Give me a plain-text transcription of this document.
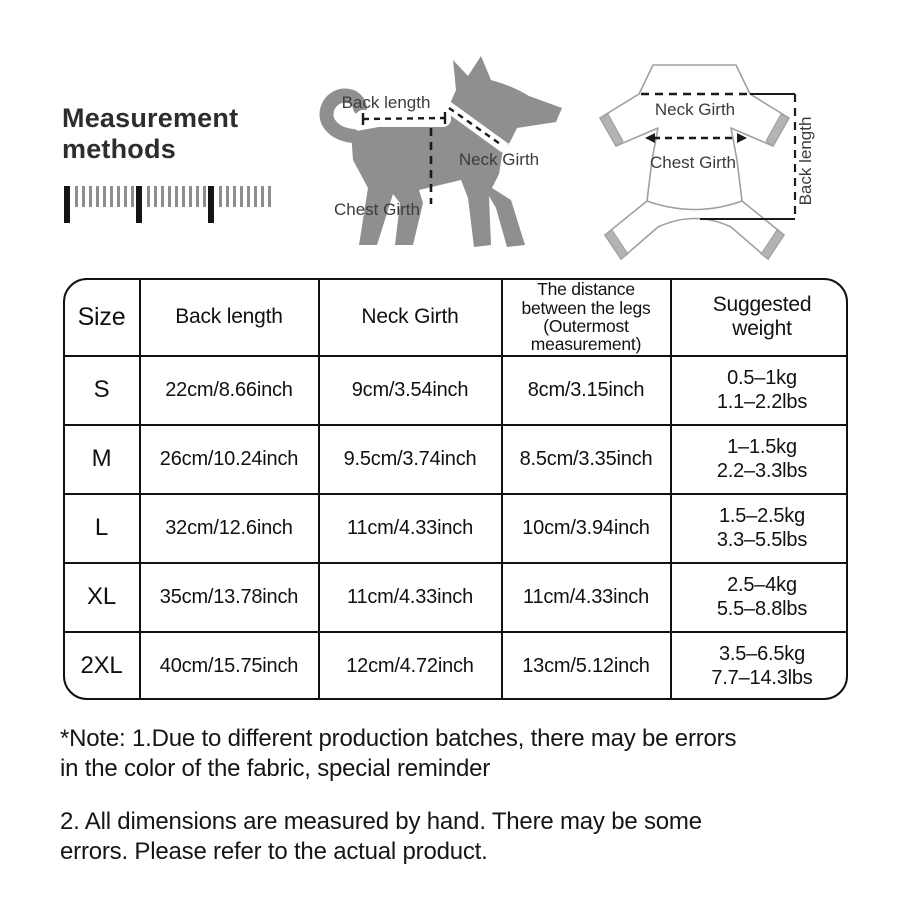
Measurement methods
Back length
Neck Girth
Chest Girth
Neck Girth
Chest Girth	Back length
Size	Back length	Neck Girth	The distance
between the legs
(Outermost
measurement)	Suggested
weight

S	22cm/8.66inch	9cm/3.54inch	8cm/3.15inch	0.5–1kg
1.1–2.2lbs

M	26cm/10.24inch	9.5cm/3.74inch	8.5cm/3.35inch	1–1.5kg
2.2–3.3lbs

L	32cm/12.6inch	11cm/4.33inch	10cm/3.94inch	1.5–2.5kg
3.3–5.5lbs

XL	35cm/13.78inch	11cm/4.33inch	11cm/4.33inch	2.5–4kg
5.5–8.8lbs

2XL	40cm/15.75inch	12cm/4.72inch	13cm/5.12inch	3.5–6.5kg
7.7–14.3lbs
*Note: 1.Due to different production batches, there may be errors
in the color of the fabric, special reminder
2. All dimensions are measured by hand. There may be some
errors. Please refer to the actual product.
